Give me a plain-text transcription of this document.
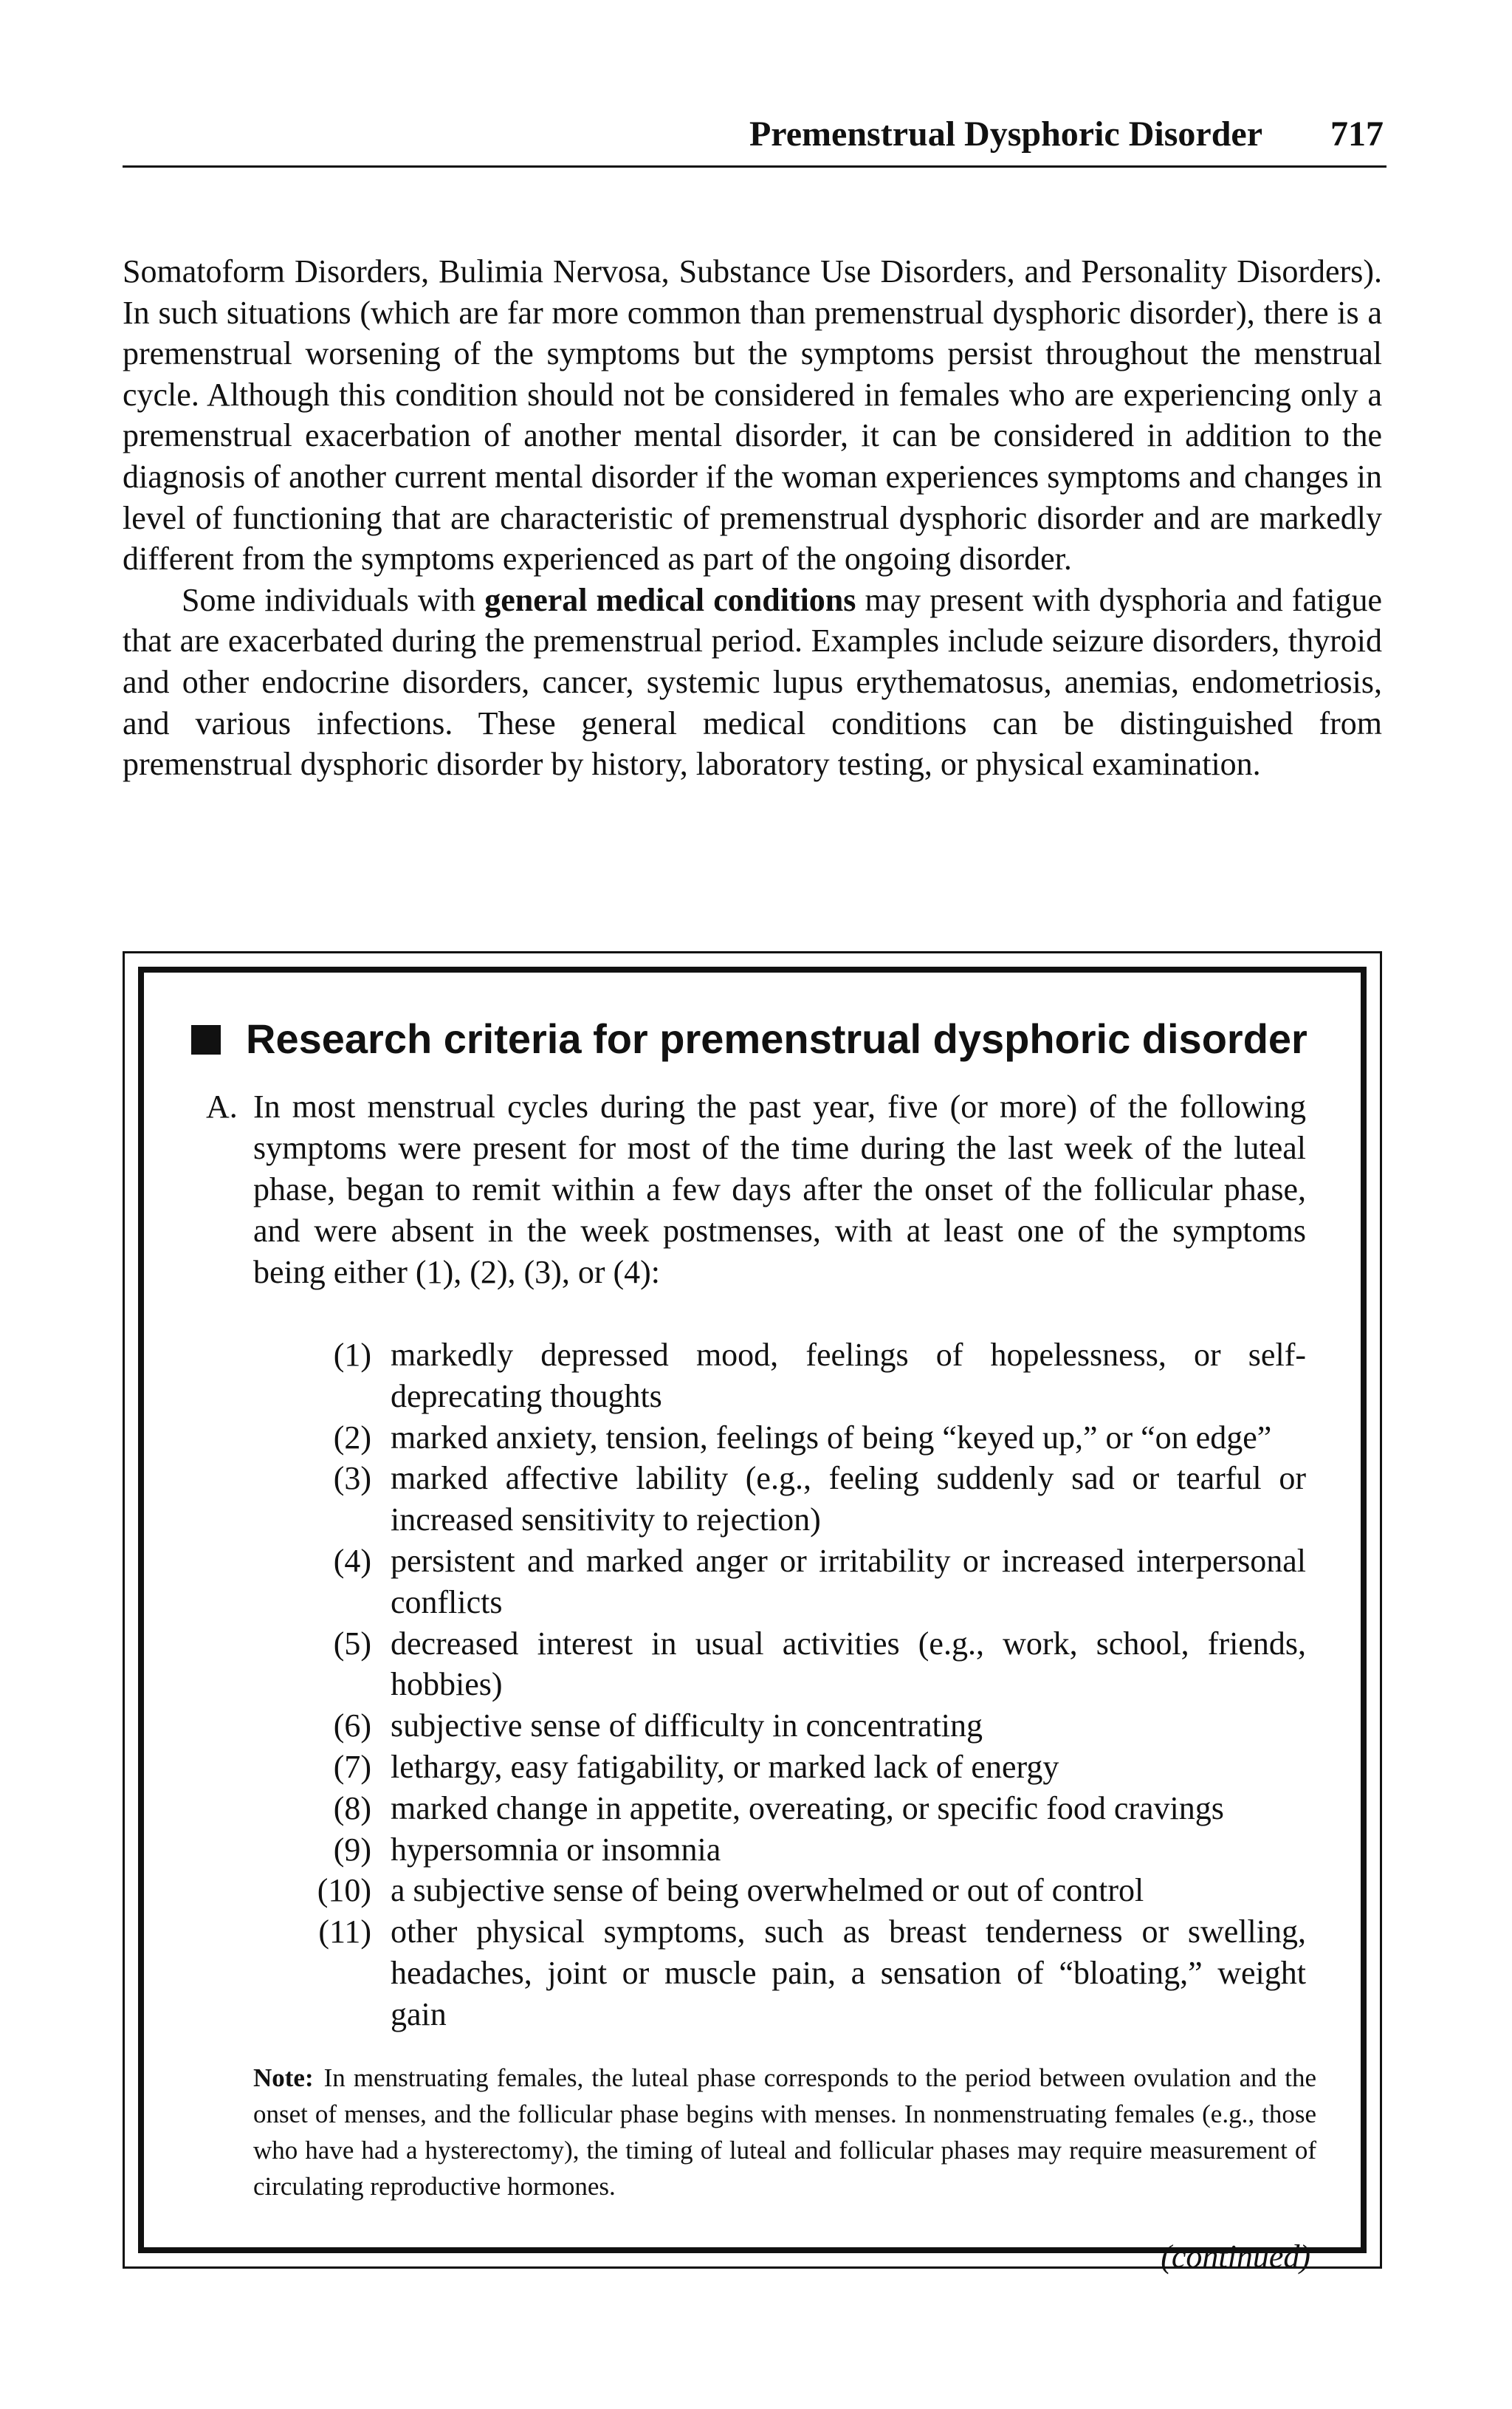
Premenstrual Dysphoric Disorder 717

Somatoform Disorders, Bulimia Nervosa, Substance Use Disorders, and Personality Disorders). In such situations (which are far more common than premenstrual dysphoric disorder), there is a premenstrual worsening of the symptoms but the symptoms persist throughout the menstrual cycle. Although this condition should not be considered in females who are experiencing only a premenstrual exacerbation of another mental disorder, it can be considered in addition to the diagnosis of another current mental disorder if the woman experiences symptoms and changes in level of functioning that are characteristic of premenstrual dysphoric disorder and are markedly different from the symptoms experienced as part of the ongoing disorder.

Some individuals with general medical conditions may present with dysphoria and fatigue that are exacerbated during the premenstrual period. Examples include seizure disorders, thyroid and other endocrine disorders, cancer, systemic lupus erythematosus, anemias, endometriosis, and various infections. These general medical conditions can be distinguished from premenstrual dysphoric disorder by history, laboratory testing, or physical examination.

Research criteria for premenstrual dysphoric disorder
A. In most menstrual cycles during the past year, five (or more) of the following symptoms were present for most of the time during the last week of the luteal phase, began to remit within a few days after the onset of the follicular phase, and were absent in the week postmenses, with at least one of the symptoms being either (1), (2), (3), or (4):
(1) markedly depressed mood, feelings of hopelessness, or self-deprecating thoughts
(2) marked anxiety, tension, feelings of being “keyed up,” or “on edge”
(3) marked affective lability (e.g., feeling suddenly sad or tearful or increased sensitivity to rejection)
(4) persistent and marked anger or irritability or increased interpersonal conflicts
(5) decreased interest in usual activities (e.g., work, school, friends, hobbies)
(6) subjective sense of difficulty in concentrating
(7) lethargy, easy fatigability, or marked lack of energy
(8) marked change in appetite, overeating, or specific food cravings
(9) hypersomnia or insomnia
(10) a subjective sense of being overwhelmed or out of control
(11) other physical symptoms, such as breast tenderness or swelling, headaches, joint or muscle pain, a sensation of “bloating,” weight gain
Note: In menstruating females, the luteal phase corresponds to the period between ovulation and the onset of menses, and the follicular phase begins with menses. In nonmenstruating females (e.g., those who have had a hysterectomy), the timing of luteal and follicular phases may require measurement of circulating reproductive hormones.
(continued)
